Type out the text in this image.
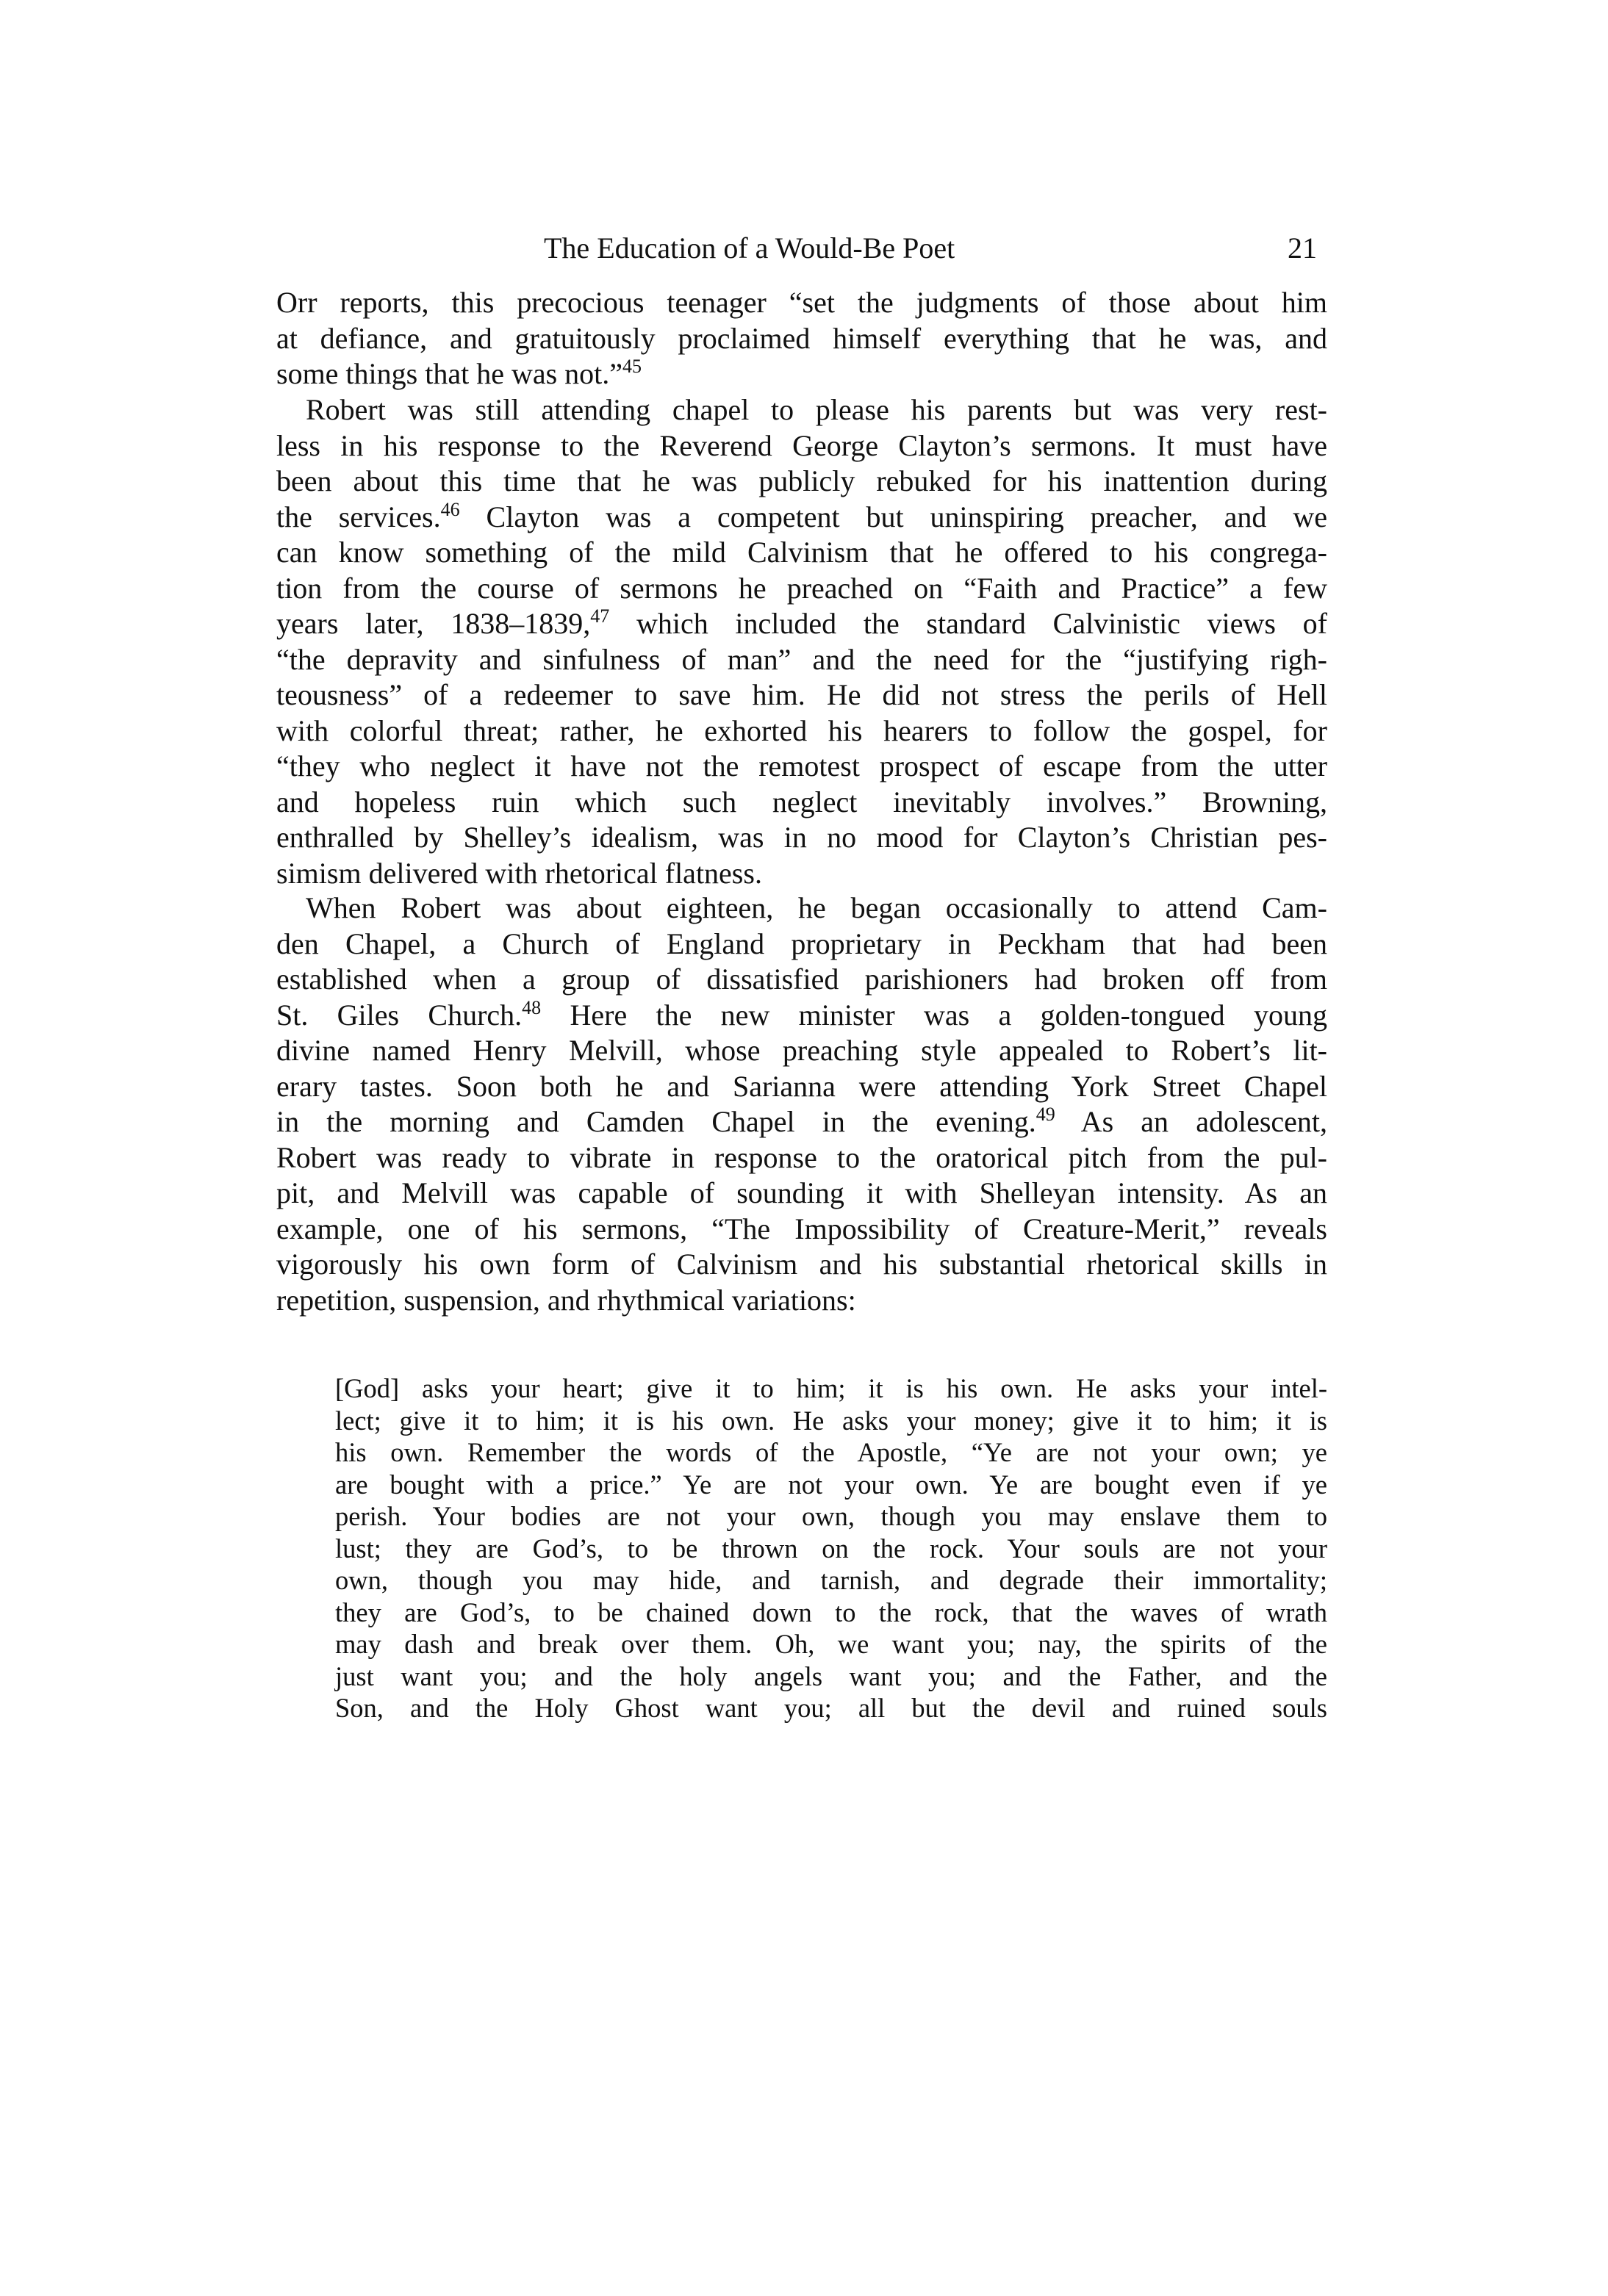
The Education of a Would-Be Poet	21
Orr reports, this precocious teenager “set the judgments of those about him
at defiance, and gratuitously proclaimed himself everything that he was, and
some things that he was not.”$^{45}$
Robert was still attending chapel to please his parents but was very rest-
less in his response to the Reverend George Clayton’s sermons. It must have
been about this time that he was publicly rebuked for his inattention during
the services.$^{46}$ Clayton was a competent but uninspiring preacher, and we
can know something of the mild Calvinism that he offered to his congrega-
tion from the course of sermons he preached on “Faith and Practice” a few
years later, 1838–1839,47 which included the standard Calvinistic views of
“the depravity and sinfulness of man” and the need for the “justifying righ-
teousness” of a redeemer to save him. He did not stress the perils of Hell
with colorful threat; rather, he exhorted his hearers to follow the gospel, for
“they who neglect it have not the remotest prospect of escape from the utter
and hopeless ruin which such neglect inevitably involves.” Browning,
enthralled by Shelley’s idealism, was in no mood for Clayton’s Christian pes-
simism delivered with rhetorical flatness.
When Robert was about eighteen, he began occasionally to attend Cam-
den Chapel, a Church of England proprietary in Peckham that had been
established when a group of dissatisfied parishioners had broken off from
St. Giles Church.$^{48}$ Here the new minister was a golden-tongued young
divine named Henry Melvill, whose preaching style appealed to Robert’s lit-
erary tastes. Soon both he and Sarianna were attending York Street Chapel
in the morning and Camden Chapel in the evening.$^{49}$ As an adolescent,
Robert was ready to vibrate in response to the oratorical pitch from the pul-
pit, and Melvill was capable of sounding it with Shelleyan intensity. As an
example, one of his sermons, “The Impossibility of Creature-Merit,” reveals
vigorously his own form of Calvinism and his substantial rhetorical skills in
repetition, suspension, and rhythmical variations:
[God] asks your heart; give it to him; it is his own. He asks your intel-
lect; give it to him; it is his own. He asks your money; give it to him; it is
his own. Remember the words of the Apostle, “Ye are not your own; ye
are bought with a price.” Ye are not your own. Ye are bought even if ye
perish. Your bodies are not your own, though you may enslave them to
lust; they are God’s, to be thrown on the rock. Your souls are not your
own, though you may hide, and tarnish, and degrade their immortality;
they are God’s, to be chained down to the rock, that the waves of wrath
may dash and break over them. Oh, we want you; nay, the spirits of the
just want you; and the holy angels want you; and the Father, and the
Son, and the Holy Ghost want you; all but the devil and ruined souls
